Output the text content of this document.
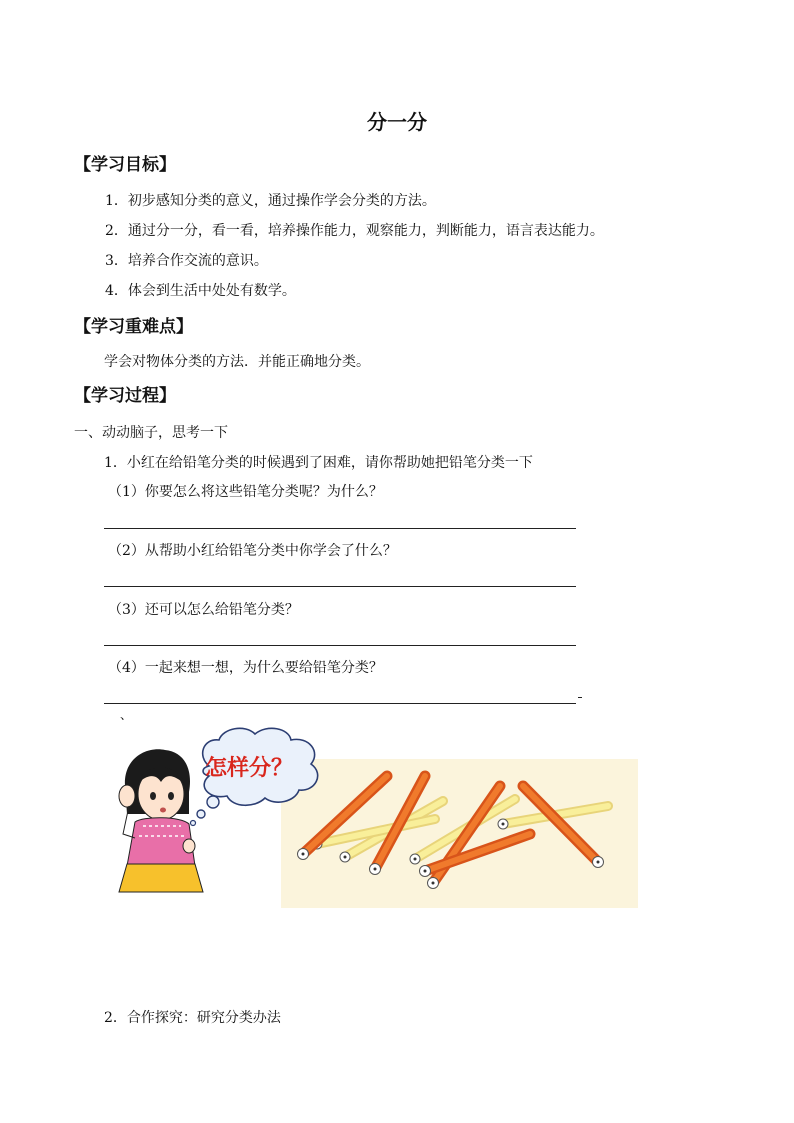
分一分
【学习目标】
1．初步感知分类的意义，通过操作学会分类的方法。
2．通过分一分，看一看，培养操作能力，观察能力，判断能力，语言表达能力。
3．培养合作交流的意识。
4．体会到生活中处处有数学。
【学习重难点】
学会对物体分类的方法．并能正确地分类。
【学习过程】
一、动动脑子，思考一下
1．小红在给铅笔分类的时候遇到了困难，请你帮助她把铅笔分类一下
（1）你要怎么将这些铅笔分类呢？为什么？
（2）从帮助小红给铅笔分类中你学会了什么？
（3）还可以怎么给铅笔分类？
（4）一起来想一想，为什么要给铅笔分类？
、
怎样分？
2．合作探究：研究分类办法
